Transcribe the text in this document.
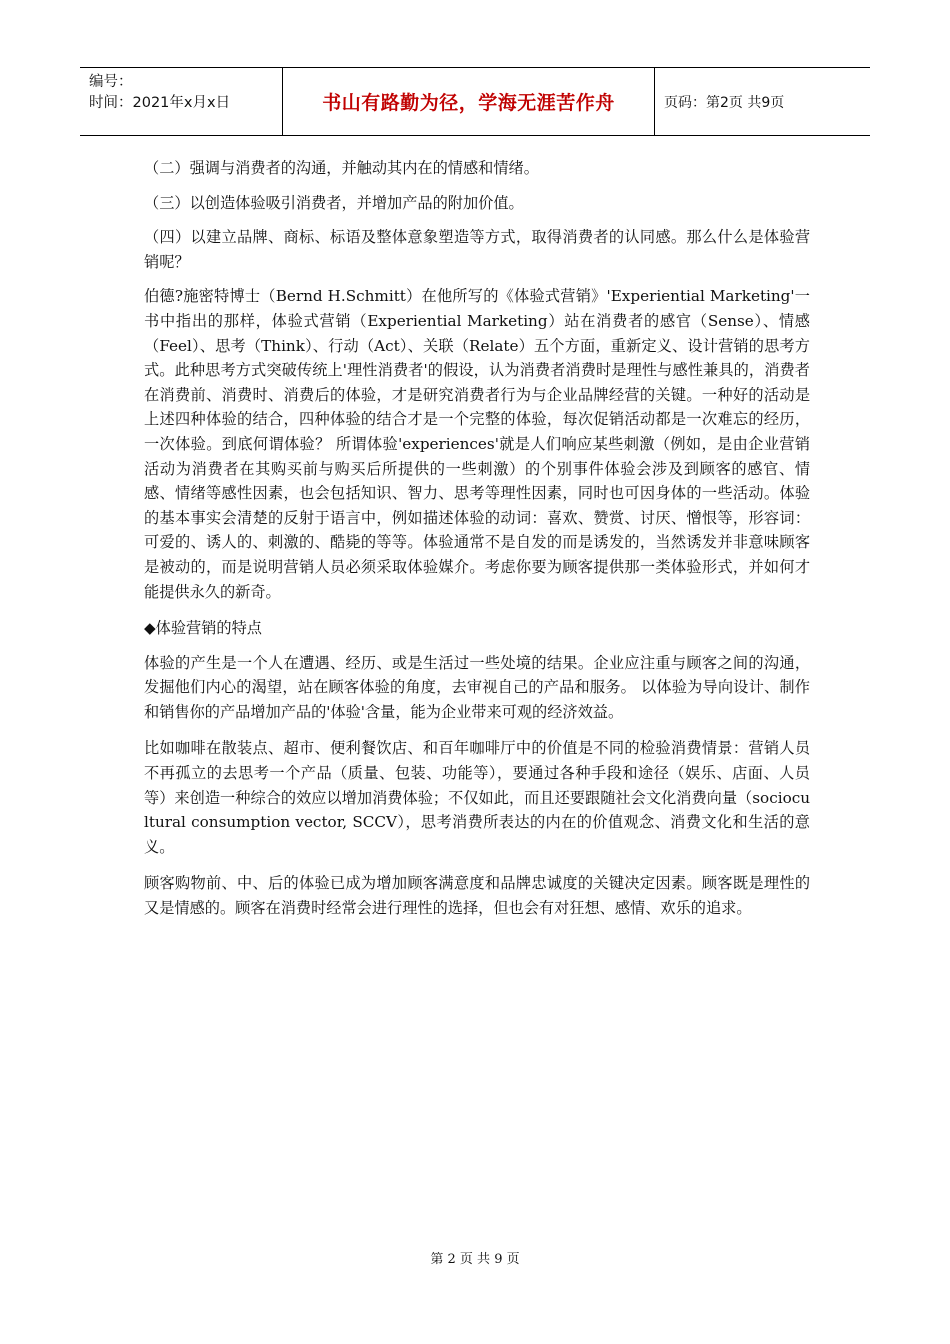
编号：
时间：2021年x月x日	书山有路勤为径，学海无涯苦作舟	页码：第2页 共9页

（二）强调与消费者的沟通，并触动其内在的情感和情绪。

（三）以创造体验吸引消费者，并增加产品的附加价值。

（四）以建立品牌、商标、标语及整体意象塑造等方式，取得消费者的认同感。那么什么是体验营销呢？

伯德?施密特博士（Bernd H.Schmitt）在他所写的《体验式营销》'Experiential Marketing'一书中指出的那样，体验式营销（Experiential Marketing）站在消费者的感官（Sense）、情感（Feel）、思考（Think）、行动（Act）、关联（Relate）五个方面，重新定义、设计营销的思考方式。此种思考方式突破传统上'理性消费者'的假设，认为消费者消费时是理性与感性兼具的，消费者在消费前、消费时、消费后的体验，才是研究消费者行为与企业品牌经营的关键。一种好的活动是上述四种体验的结合，四种体验的结合才是一个完整的体验，每次促销活动都是一次难忘的经历，一次体验。到底何谓体验？ 所谓体验'experiences'就是人们响应某些刺激（例如，是由企业营销活动为消费者在其购买前与购买后所提供的一些刺激）的个别事件体验会涉及到顾客的感官、情感、情绪等感性因素，也会包括知识、智力、思考等理性因素，同时也可因身体的一些活动。体验的基本事实会清楚的反射于语言中，例如描述体验的动词：喜欢、赞赏、讨厌、憎恨等，形容词：可爱的、诱人的、刺激的、酷毙的等等。体验通常不是自发的而是诱发的，当然诱发并非意味顾客是被动的，而是说明营销人员必须采取体验媒介。考虑你要为顾客提供那一类体验形式，并如何才能提供永久的新奇。

◆体验营销的特点

体验的产生是一个人在遭遇、经历、或是生活过一些处境的结果。企业应注重与顾客之间的沟通，发掘他们内心的渴望，站在顾客体验的角度，去审视自己的产品和服务。 以体验为导向设计、制作和销售你的产品增加产品的'体验'含量，能为企业带来可观的经济效益。

比如咖啡在散装点、超市、便利餐饮店、和百年咖啡厅中的价值是不同的检验消费情景：营销人员不再孤立的去思考一个产品（质量、包装、功能等），要通过各种手段和途径（娱乐、店面、人员等）来创造一种综合的效应以增加消费体验；不仅如此，而且还要跟随社会文化消费向量（sociocultural consumption vector, SCCV），思考消费所表达的内在的价值观念、消费文化和生活的意义。

顾客购物前、中、后的体验已成为增加顾客满意度和品牌忠诚度的关键决定因素。顾客既是理性的又是情感的。顾客在消费时经常会进行理性的选择，但也会有对狂想、感情、欢乐的追求。

第 2 页 共 9 页
